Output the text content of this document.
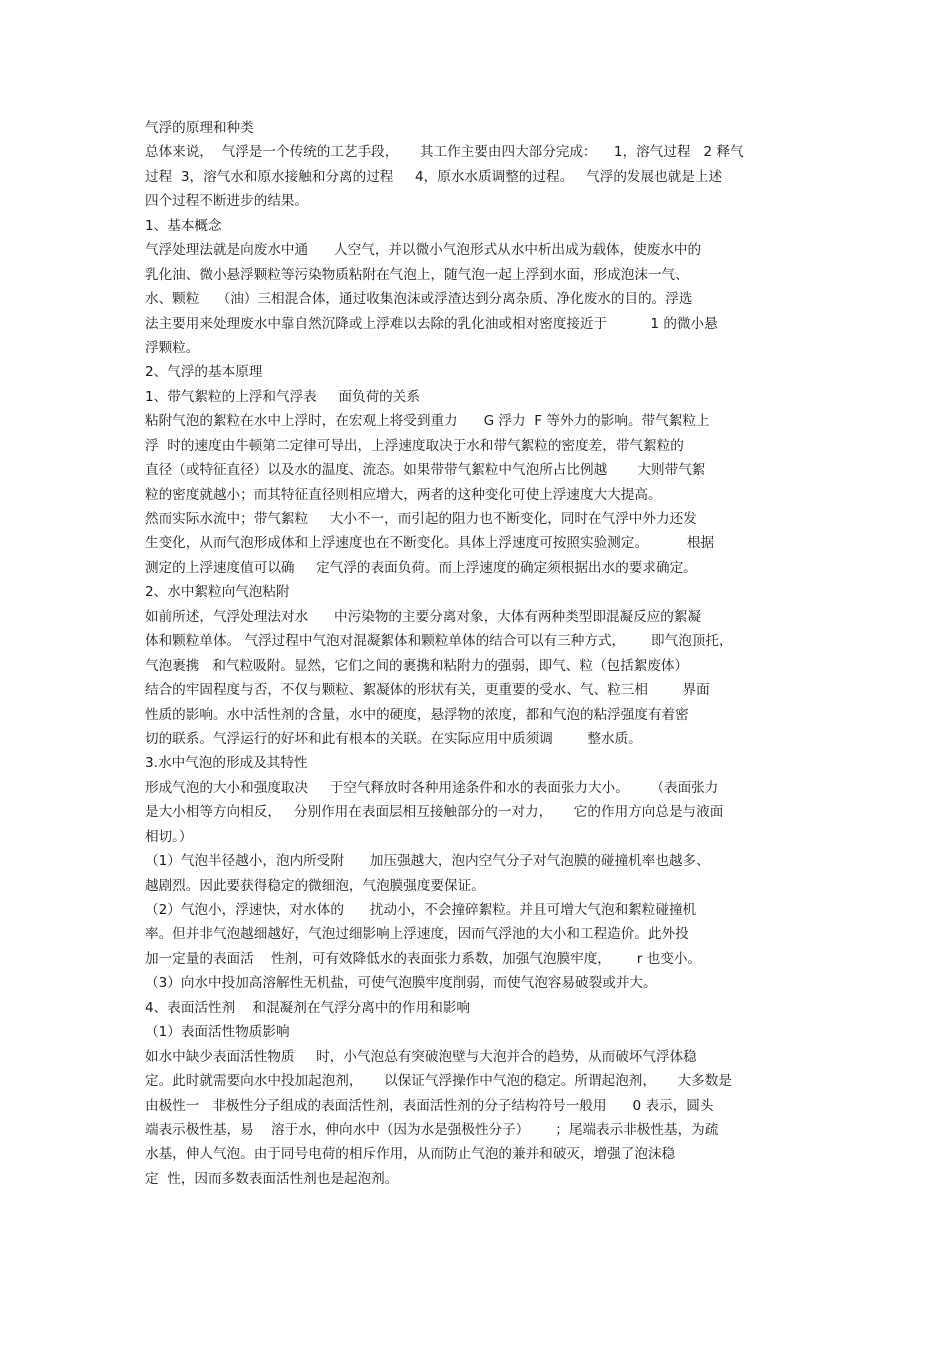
气浮的原理和种类
总体来说，  气浮是一个传统的工艺手段，     其工作主要由四大部分完成：    1，溶气过程   2 释气
过程  3，溶气水和原水接触和分离的过程     4，原水水质调整的过程。   气浮的发展也就是上述
四个过程不断进步的结果。
1、基本概念
气浮处理法就是向废水中通      人空气，并以微小气泡形式从水中析出成为载体，使废水中的
乳化油、微小悬浮颗粒等污染物质粘附在气泡上，随气泡一起上浮到水面，形成泡沫一气、
水、颗粒    （油）三相混合体，通过收集泡沫或浮渣达到分离杂质、净化废水的目的。浮选
法主要用来处理废水中靠自然沉降或上浮难以去除的乳化油或相对密度接近于          1 的微小悬
浮颗粒。
2、气浮的基本原理
1、带气絮粒的上浮和气浮表     面负荷的关系
粘附气泡的絮粒在水中上浮时，在宏观上将受到重力      G 浮力  F 等外力的影响。带气絮粒上
浮  时的速度由牛顿第二定律可导出，上浮速度取决于水和带气絮粒的密度差，带气絮粒的
直径（或特征直径）以及水的温度、流态。如果带带气絮粒中气泡所占比例越       大则带气絮
粒的密度就越小；而其特征直径则相应增大，两者的这种变化可使上浮速度大大提高。
然而实际水流中；带气絮粒     大小不一，而引起的阻力也不断变化，同时在气浮中外力还发
生变化，从而气泡形成体和上浮速度也在不断变化。具体上浮速度可按照实验测定。         根据
测定的上浮速度值可以确     定气浮的表面负荷。而上浮速度的确定须根据出水的要求确定。
2、水中絮粒向气泡粘附
如前所述，气浮处理法对水      中污染物的主要分离对象，大体有两种类型即混凝反应的絮凝
体和颗粒单体。 气浮过程中气泡对混凝絮体和颗粒单体的结合可以有三种方式，      即气泡顶托，
气泡裹携   和气粒吸附。显然，它们之间的裹携和粘附力的强弱，即气、粒（包括絮废体）
结合的牢固程度与否，不仅与颗粒、絮凝体的形状有关，更重要的受水、气、粒三相        界面
性质的影响。水中活性剂的含量，水中的硬度，悬浮物的浓度，都和气泡的粘浮强度有着密
切的联系。气浮运行的好坏和此有根本的关联。在实际应用中质须调        整水质。
3.水中气泡的形成及其特性
形成气泡的大小和强度取决     于空气释放时各种用途条件和水的表面张力大小。     （表面张力
是大小相等方向相反，   分别作用在表面层相互接触部分的一对力，     它的作用方向总是与液面
相切。）
（1）气泡半径越小，泡内所受附      加压强越大，泡内空气分子对气泡膜的碰撞机率也越多、
越剧烈。因此要获得稳定的微细泡，气泡膜强度要保证。
（2）气泡小，浮速快，对水体的      扰动小，不会撞碎絮粒。并且可增大气泡和絮粒碰撞机
率。但并非气泡越细越好，气泡过细影响上浮速度，因而气浮池的大小和工程造价。此外投
加一定量的表面活    性剂，可有效降低水的表面张力系数，加强气泡膜牢度，      r 也变小。
（3）向水中投加高溶解性无机盐，可使气泡膜牢度削弱，而使气泡容易破裂或并大。
4、表面活性剂    和混凝剂在气浮分离中的作用和影响
（1）表面活性物质影响
如水中缺少表面活性物质     时，小气泡总有突破泡壁与大泡并合的趋势，从而破坏气浮体稳
定。此时就需要向水中投加起泡剂，     以保证气浮操作中气泡的稳定。所谓起泡剂，     大多数是
由极性一   非极性分子组成的表面活性剂，表面活性剂的分子结构符号一般用      0 表示，圆头
端表示极性基，易    溶于水，伸向水中（因为水是强极性分子）      ；尾端表示非极性基，为疏
水基，伸人气泡。由于同号电荷的相斥作用，从而防止气泡的兼并和破灭，增强了泡沫稳
定  性，因而多数表面活性剂也是起泡剂。
